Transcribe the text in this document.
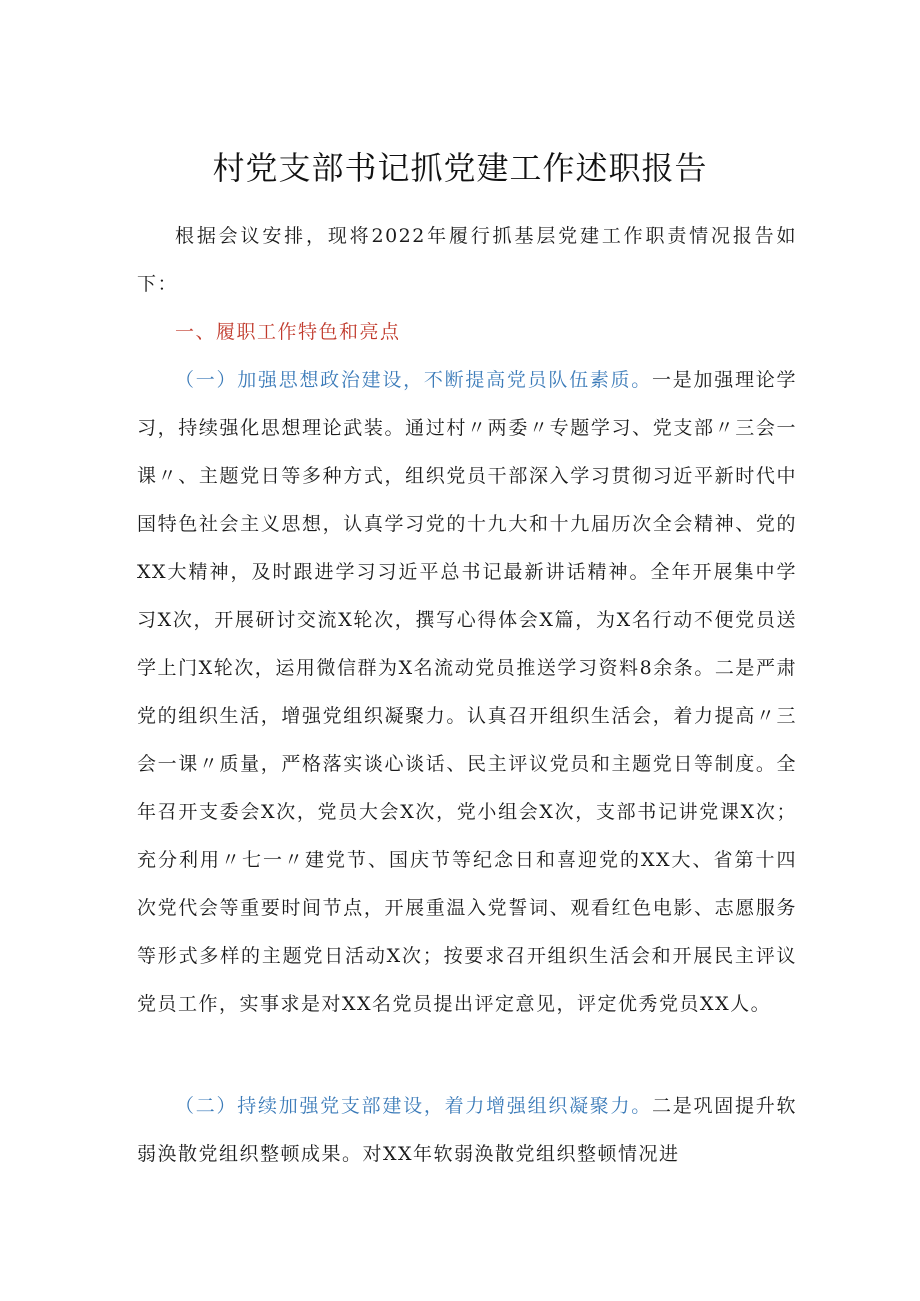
村党支部书记抓党建工作述职报告

根据会议安排，现将2022年履行抓基层党建工作职责情况报告如下：

一、履职工作特色和亮点

（一）加强思想政治建设，不断提高党员队伍素质。一是加强理论学习，持续强化思想理论武装。通过村〃两委〃专题学习、党支部〃三会一课〃、主题党日等多种方式，组织党员干部深入学习贯彻习近平新时代中国特色社会主义思想，认真学习党的十九大和十九届历次全会精神、党的XX大精神，及时跟进学习习近平总书记最新讲话精神。全年开展集中学习X次，开展研讨交流X轮次，撰写心得体会X篇，为X名行动不便党员送学上门X轮次，运用微信群为X名流动党员推送学习资料8余条。二是严肃党的组织生活，增强党组织凝聚力。认真召开组织生活会，着力提高〃三会一课〃质量，严格落实谈心谈话、民主评议党员和主题党日等制度。全年召开支委会X次，党员大会X次，党小组会X次，支部书记讲党课X次；充分利用〃七一〃建党节、国庆节等纪念日和喜迎党的XX大、省第十四次党代会等重要时间节点，开展重温入党誓词、观看红色电影、志愿服务等形式多样的主题党日活动X次；按要求召开组织生活会和开展民主评议党员工作，实事求是对XX名党员提出评定意见，评定优秀党员XX人。

（二）持续加强党支部建设，着力增强组织凝聚力。二是巩固提升软弱涣散党组织整顿成果。对XX年软弱涣散党组织整顿情况进
